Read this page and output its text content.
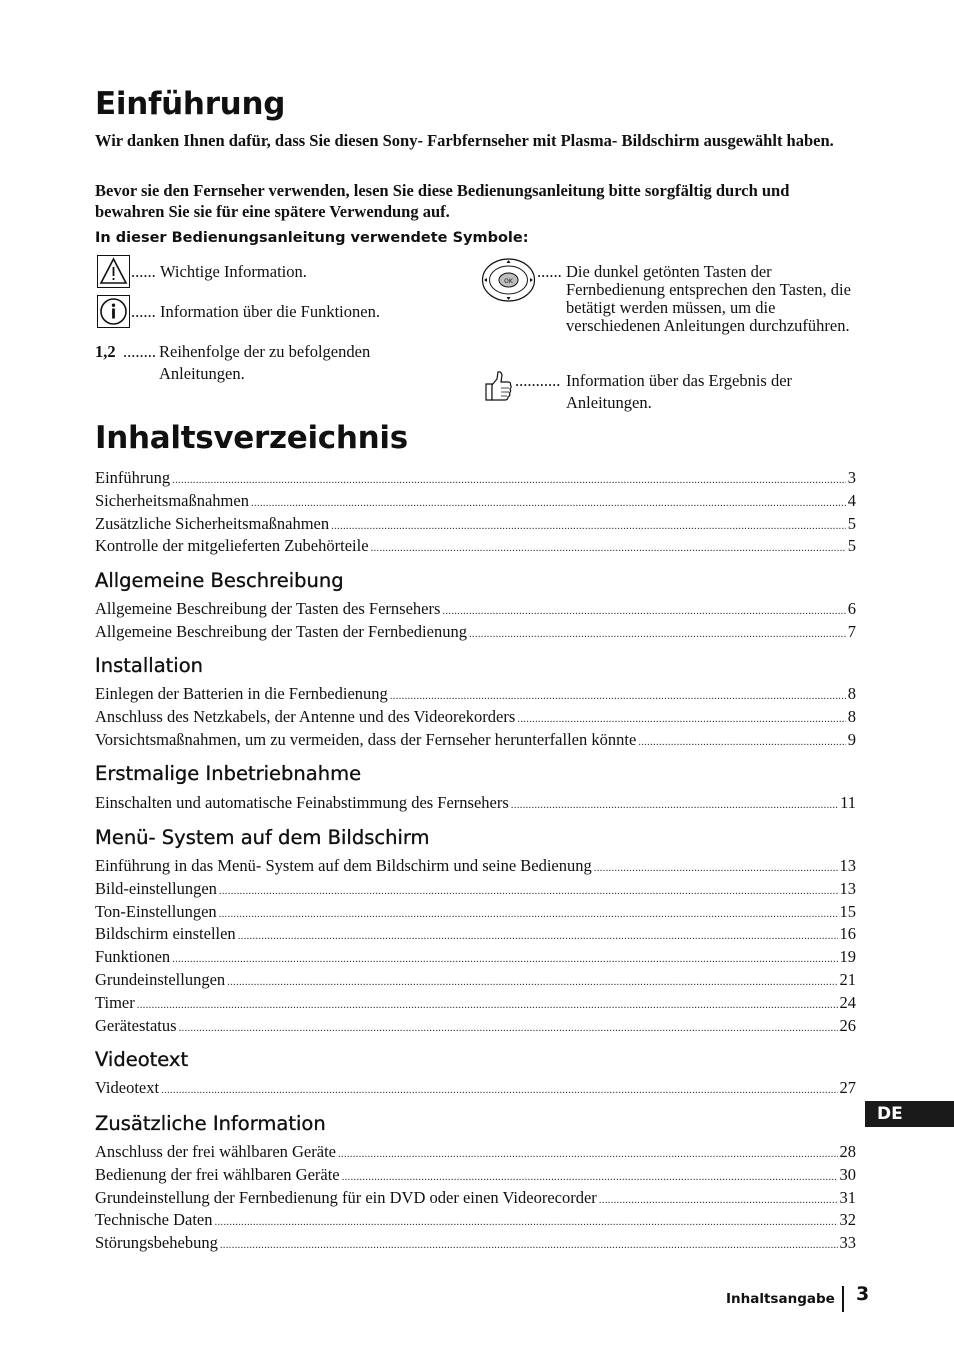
Einführung

Wir danken Ihnen dafür, dass Sie diesen Sony- Farbfernseher mit Plasma- Bildschirm ausgewählt haben.

Bevor sie den Fernseher verwenden, lesen Sie diese Bedienungsanleitung bitte sorgfältig durch und bewahren Sie sie für eine spätere Verwendung auf.

In dieser Bedienungsanleitung verwendete Symbole:

...... Wichtige Information.
...... Information über die Funktionen.
1,2 ........ Reihenfolge der zu befolgenden Anleitungen.
OK
...... Die dunkel getönten Tasten der Fernbedienung entsprechen den Tasten, die betätigt werden müssen, um die verschiedenen Anleitungen durchzuführen.
........... Information über das Ergebnis der Anleitungen.
Inhaltsverzeichnis
Einführung .....	3
Sicherheitsmaßnahmen .....	4
Zusätzliche Sicherheitsmaßnahmen .....	5
Kontrolle der mitgelieferten Zubehörteile .....	5
Allgemeine Beschreibung
Allgemeine Beschreibung der Tasten des Fernsehers .....	6
Allgemeine Beschreibung der Tasten der Fernbedienung .....	7
Installation
Einlegen der Batterien in die Fernbedienung .....	8
Anschluss des Netzkabels, der Antenne und des Videorekorders .....	8
Vorsichtsmaßnahmen, um zu vermeiden, dass der Fernseher herunterfallen könnte .....	9
Erstmalige Inbetriebnahme
Einschalten und automatische Feinabstimmung des Fernsehers .....	11
Menü- System auf dem Bildschirm
Einführung in das Menü- System auf dem Bildschirm und seine Bedienung .....	13
Bild-einstellungen .....	13
Ton-Einstellungen .....	15
Bildschirm einstellen .....	16
Funktionen .....	19
Grundeinstellungen .....	21
Timer .....	24
Gerätestatus .....	26
Videotext
Videotext .....	27
Zusätzliche Information
Anschluss der frei wählbaren Geräte .....	28
Bedienung der frei wählbaren Geräte .....	30
Grundeinstellung der Fernbedienung für ein DVD oder einen Videorecorder .....	31
Technische Daten .....	32
Störungsbehebung .....	33
DE
Inhaltsangabe 3
